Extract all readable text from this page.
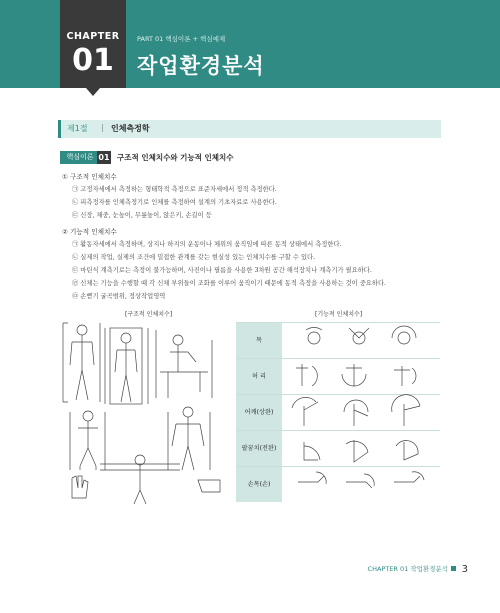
CHAPTER
01
PART 01 핵심이론 + 핵심예제
작업환경분석
제1절 | 인체측정학
핵심이론 01 구조적 인체치수와 기능적 인체치수
① 구조적 인체치수
㉠ 고정자세에서 측정하는 형태학적 측정으로 표준자세에서 정적 측정한다.
㉡ 피측정자를 인체측정기로 인체를 측정하여 설계의 기초자료로 사용한다.
㉢ 신장, 체중, 눈높이, 무릎높이, 앉은키, 손길이 등
② 기능적 인체치수
㉠ 활동자세에서 측정하며, 상지나 하지의 운동이나 체위의 움직임에 따른 동적 상태에서 측정한다.
㉡ 실제의 작업, 실제의 조건에 밀접한 관계를 갖는 현실성 있는 인체치수를 구할 수 있다.
㉢ 마틴식 계측기로는 측정이 불가능하며, 사진이나 필름을 사용한 3차원 공간 해석장치나 계측기가 필요하다.
㉣ 신체는 기능을 수행할 때 각 신체 부위들이 조화를 이루어 움직이기 때문에 동적 측정을 사용하는 것이 중요하다.
㉤ 손뻗기 굴곡범위, 정상작업영역
[구조적 인체치수]	[기능적 인체치수]
목
허 리
어깨(상완)
팔꿈치(전완)
손목(손)
CHAPTER 01 작업환경분석 3
